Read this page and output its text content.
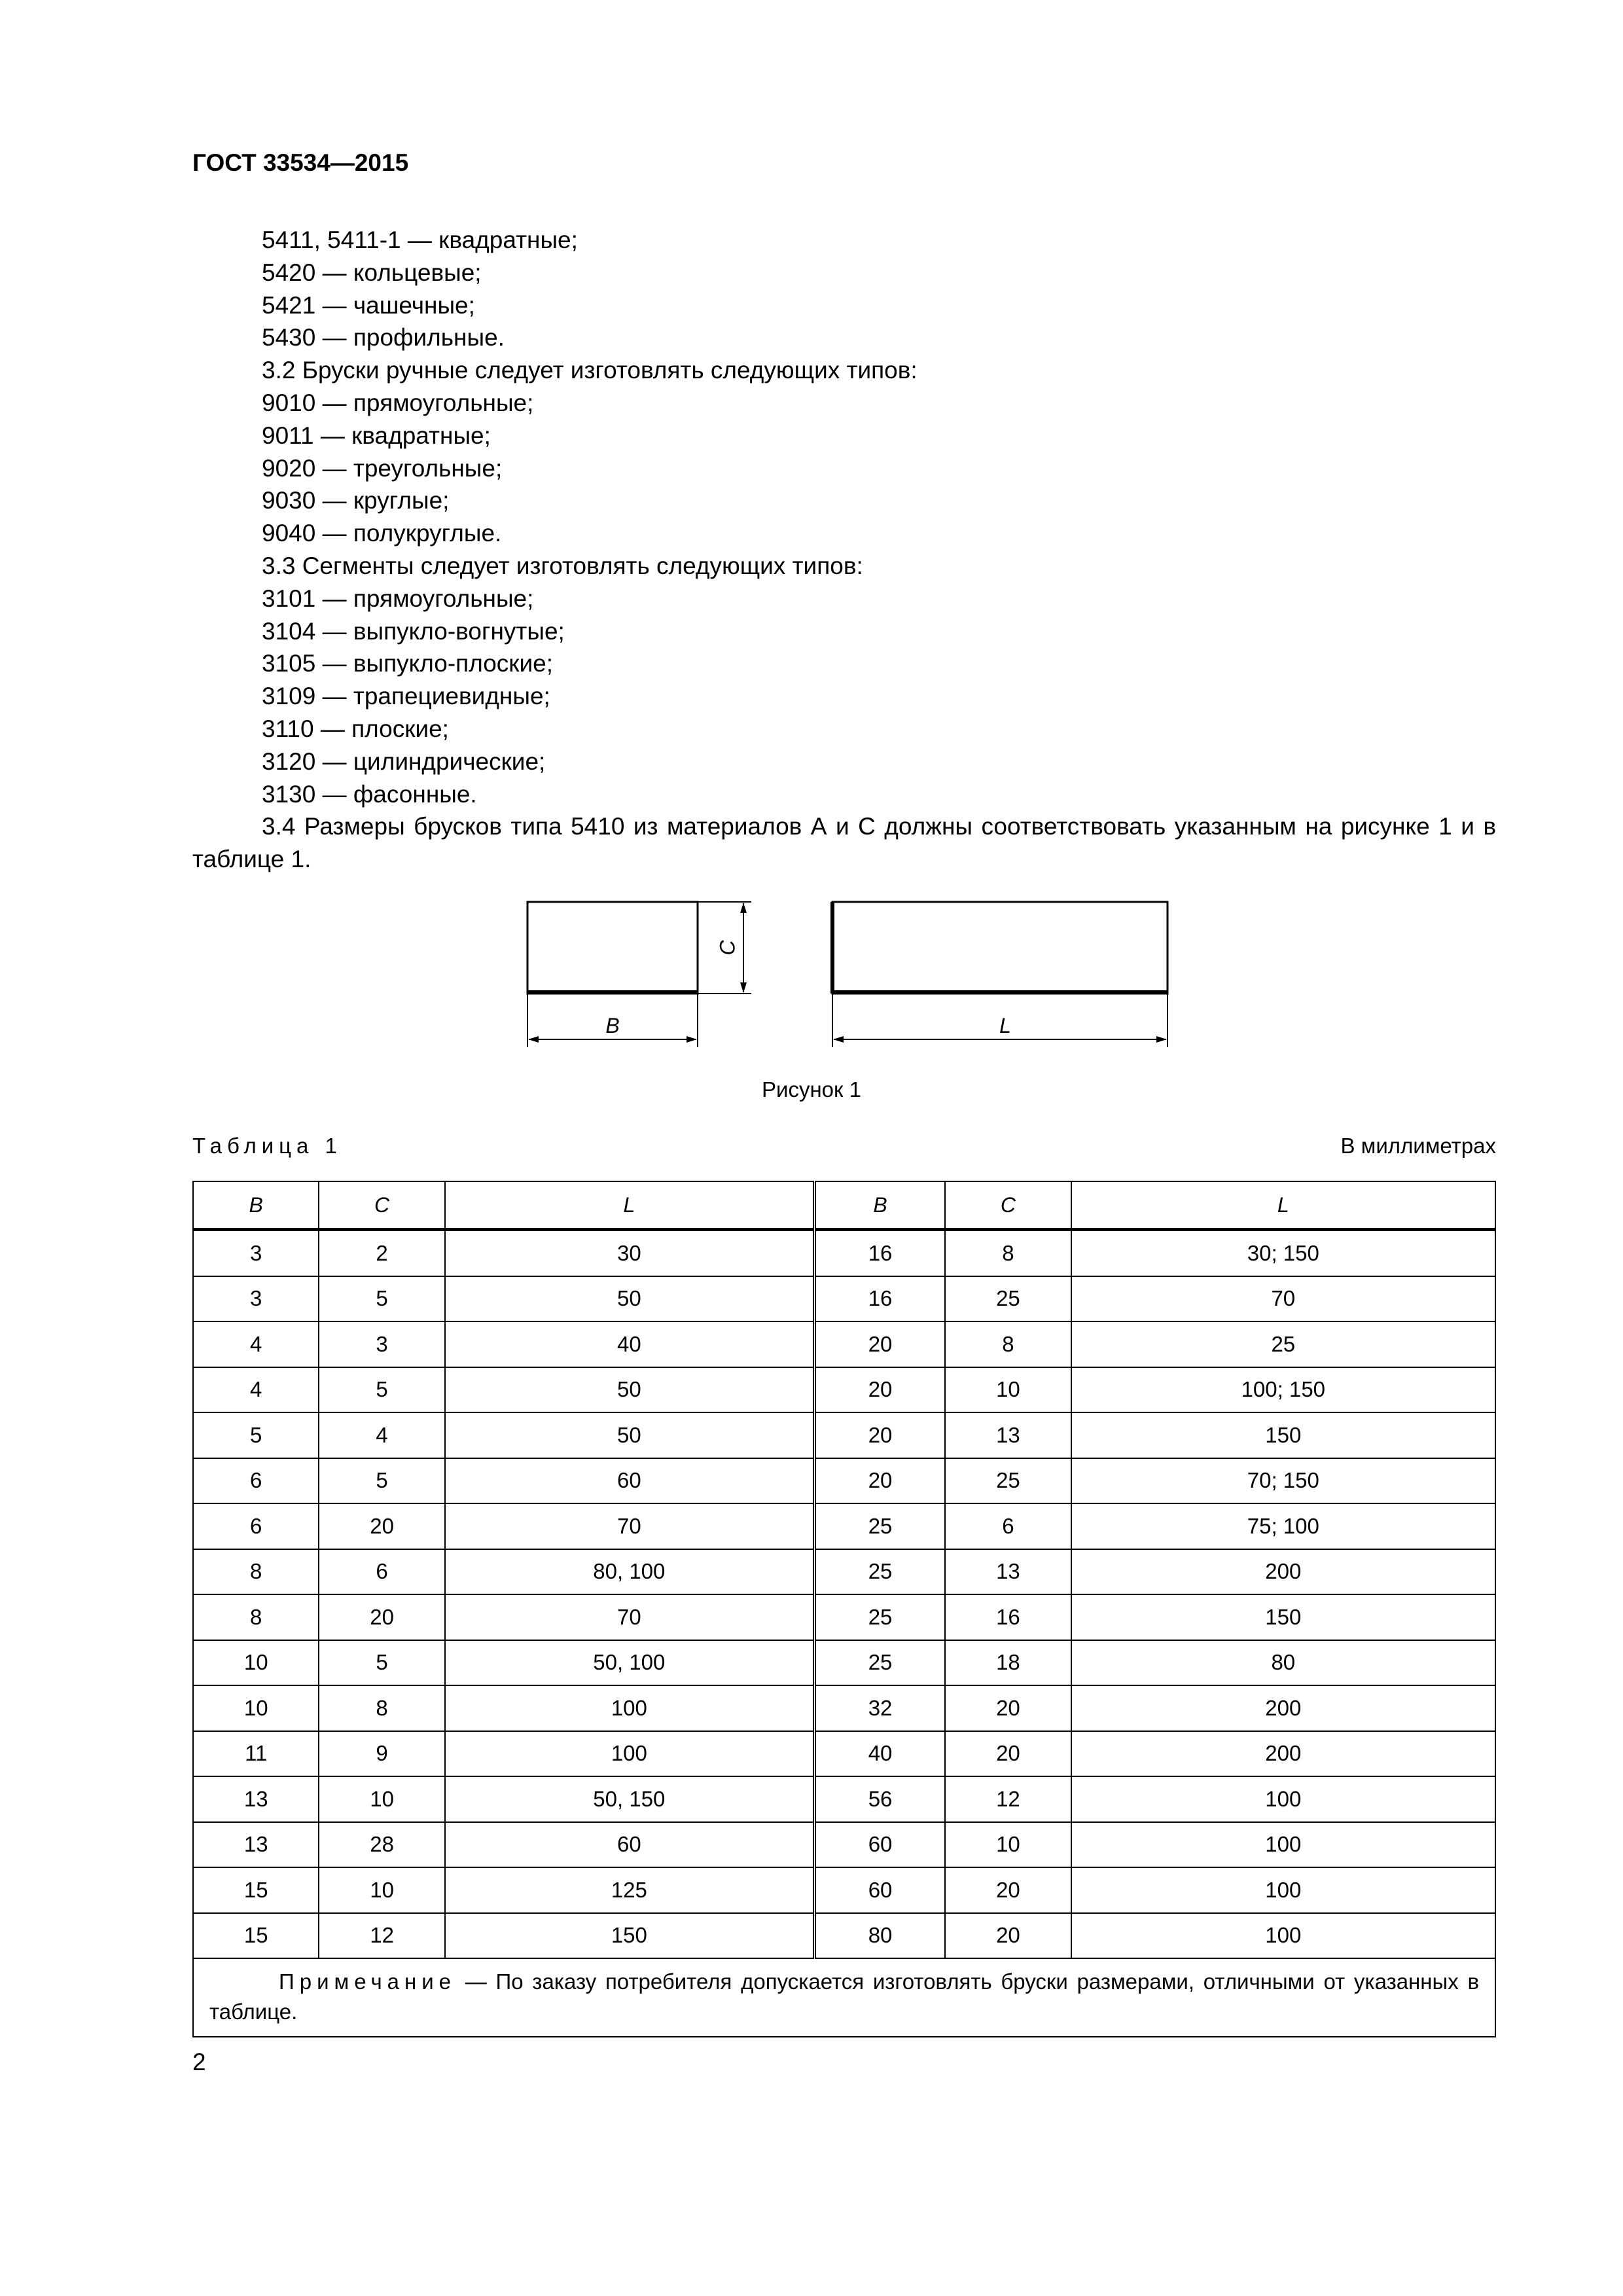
ГОСТ 33534—2015
5411, 5411-1 — квадратные;
5420 — кольцевые;
5421 — чашечные;
5430 — профильные.
3.2 Бруски ручные следует изготовлять следующих типов:
9010 — прямоугольные;
9011 — квадратные;
9020 — треугольные;
9030 — круглые;
9040 — полукруглые.
3.3 Сегменты следует изготовлять следующих типов:
3101 — прямоугольные;
3104 — выпукло-вогнутые;
3105 — выпукло-плоские;
3109 — трапециевидные;
3110 — плоские;
3120 — цилиндрические;
3130 — фасонные.
3.4 Размеры брусков типа 5410 из материалов А и С должны соответствовать указанным на рисунке 1 и в таблице 1.
B
C
L
Рисунок 1
Таблица 1	В миллиметрах
B	C	L	B	C	L
3	2	30	16	8	30; 150
3	5	50	16	25	70
4	3	40	20	8	25
4	5	50	20	10	100; 150
5	4	50	20	13	150
6	5	60	20	25	70; 150
6	20	70	25	6	75; 100
8	6	80, 100	25	13	200
8	20	70	25	16	150
10	5	50, 100	25	18	80
10	8	100	32	20	200
11	9	100	40	20	200
13	10	50, 150	56	12	100
13	28	60	60	10	100
15	10	125	60	20	100
15	12	150	80	20	100
Примечание — По заказу потребителя допускается изготовлять бруски размерами, отличными от указанных в таблице.					
2
